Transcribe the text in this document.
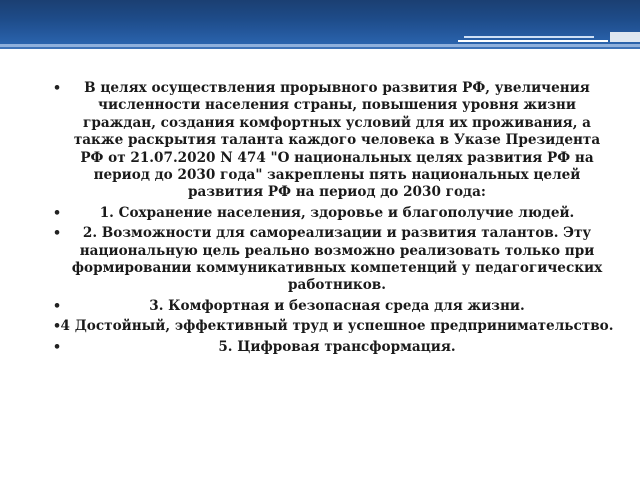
• В целях осуществления прорывного развития РФ, увеличения численности населения страны, повышения уровня жизни граждан, создания комфортных условий для их проживания, а также раскрытия таланта каждого человека в Указе Президента РФ от 21.07.2020 N 474 "О национальных целях развития РФ на период до 2030 года" закреплены пять национальных целей развития РФ на период до 2030 года:
•	1. Сохранение населения, здоровье и благополучие людей.
• 2. Возможности для самореализации и развития талантов. Эту национальную цель реально возможно реализовать только при формировании коммуникативных компетенций у педагогических работников.
•	3. Комфортная и безопасная среда для жизни.
• 4 Достойный, эффективный труд и успешное предпринимательство.
•	5. Цифровая трансформация.
